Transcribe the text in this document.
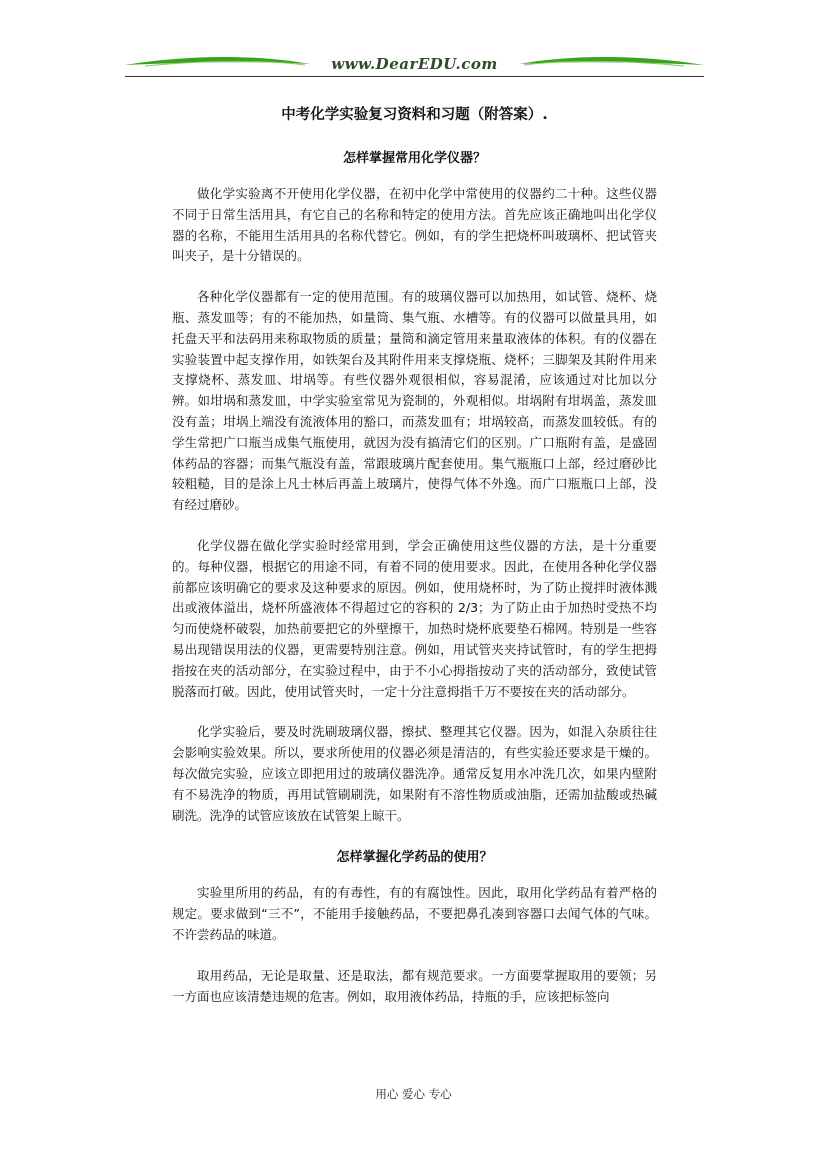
www.DearEDU.com
中考化学实验复习资料和习题（附答案）.
怎样掌握常用化学仪器？

做化学实验离不开使用化学仪器，在初中化学中常使用的仪器约二十种。这些仪器不同于日常生活用具，有它自己的名称和特定的使用方法。首先应该正确地叫出化学仪器的名称，不能用生活用具的名称代替它。例如，有的学生把烧杯叫玻璃杯、把试管夹叫夹子，是十分错误的。

各种化学仪器都有一定的使用范围。有的玻璃仪器可以加热用，如试管、烧杯、烧瓶、蒸发皿等；有的不能加热，如量筒、集气瓶、水槽等。有的仪器可以做量具用，如托盘天平和法码用来称取物质的质量；量筒和滴定管用来量取液体的体积。有的仪器在实验装置中起支撑作用，如铁架台及其附件用来支撑烧瓶、烧杯；三脚架及其附件用来支撑烧杯、蒸发皿、坩埚等。有些仪器外观很相似，容易混淆，应该通过对比加以分辨。如坩埚和蒸发皿，中学实验室常见为瓷制的，外观相似。坩埚附有坩埚盖，蒸发皿没有盖；坩埚上端没有流液体用的豁口，而蒸发皿有；坩埚较高，而蒸发皿较低。有的学生常把广口瓶当成集气瓶使用，就因为没有搞清它们的区别。广口瓶附有盖，是盛固体药品的容器；而集气瓶没有盖，常跟玻璃片配套使用。集气瓶瓶口上部，经过磨砂比较粗糙，目的是涂上凡士林后再盖上玻璃片，使得气体不外逸。而广口瓶瓶口上部，没有经过磨砂。

化学仪器在做化学实验时经常用到，学会正确使用这些仪器的方法，是十分重要的。每种仪器，根据它的用途不同，有着不同的使用要求。因此，在使用各种化学仪器前都应该明确它的要求及这种要求的原因。例如，使用烧杯时，为了防止搅拌时液体溅出或液体溢出，烧杯所盛液体不得超过它的容积的 2/3；为了防止由于加热时受热不均匀而使烧杯破裂，加热前要把它的外壁擦干，加热时烧杯底要垫石棉网。特别是一些容易出现错误用法的仪器，更需要特别注意。例如，用试管夹夹持试管时，有的学生把拇指按在夹的活动部分，在实验过程中，由于不小心拇指按动了夹的活动部分，致使试管脱落而打破。因此，使用试管夹时，一定十分注意拇指千万不要按在夹的活动部分。

化学实验后，要及时洗刷玻璃仪器，擦拭、整理其它仪器。因为，如混入杂质往往会影响实验效果。所以，要求所使用的仪器必须是清洁的，有些实验还要求是干燥的。每次做完实验，应该立即把用过的玻璃仪器洗净。通常反复用水冲洗几次，如果内壁附有不易洗净的物质，再用试管刷刷洗，如果附有不溶性物质或油脂，还需加盐酸或热碱刷洗。洗净的试管应该放在试管架上晾干。

怎样掌握化学药品的使用？

实验里所用的药品，有的有毒性，有的有腐蚀性。因此，取用化学药品有着严格的规定。要求做到“三不”，不能用手接触药品，不要把鼻孔凑到容器口去闻气体的气味。不许尝药品的味道。

取用药品，无论是取量、还是取法，都有规范要求。一方面要掌握取用的要领；另一方面也应该清楚违规的危害。例如，取用液体药品，持瓶的手，应该把标签向

用心 爱心 专心
